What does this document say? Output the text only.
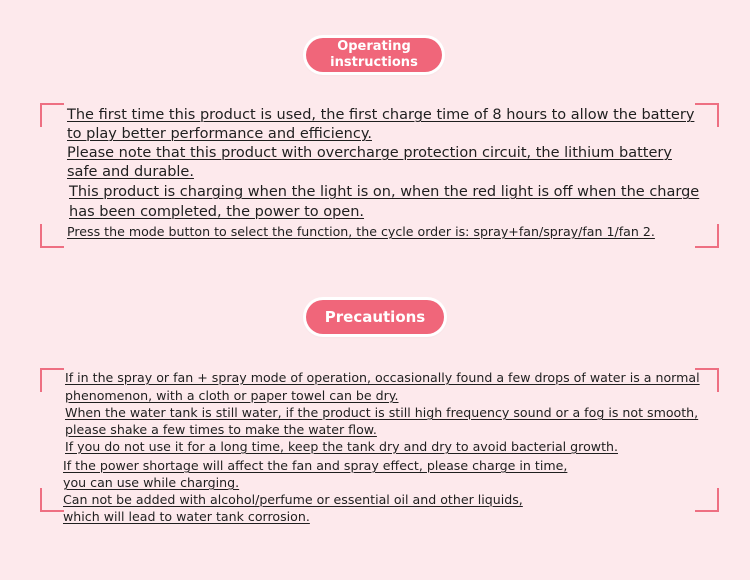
Operating
instructions
The first time this product is used, the first charge time of 8 hours to allow the battery
to play better performance and efficiency.
Please note that this product with overcharge protection circuit, the lithium battery
safe and durable.
This product is charging when the light is on, when the red light is off when the charge
has been completed, the power to open.
Press the mode button to select the function, the cycle order is: spray+fan/spray/fan 1/fan 2.
Precautions
If in the spray or fan + spray mode of operation, occasionally found a few drops of water is a normal
phenomenon, with a cloth or paper towel can be dry.
When the water tank is still water, if the product is still high frequency sound or a fog is not smooth,
please shake a few times to make the water flow.
If you do not use it for a long time, keep the tank dry and dry to avoid bacterial growth.
If the power shortage will affect the fan and spray effect, please charge in time,
you can use while charging.
Can not be added with alcohol/perfume or essential oil and other liquids,
which will lead to water tank corrosion.
